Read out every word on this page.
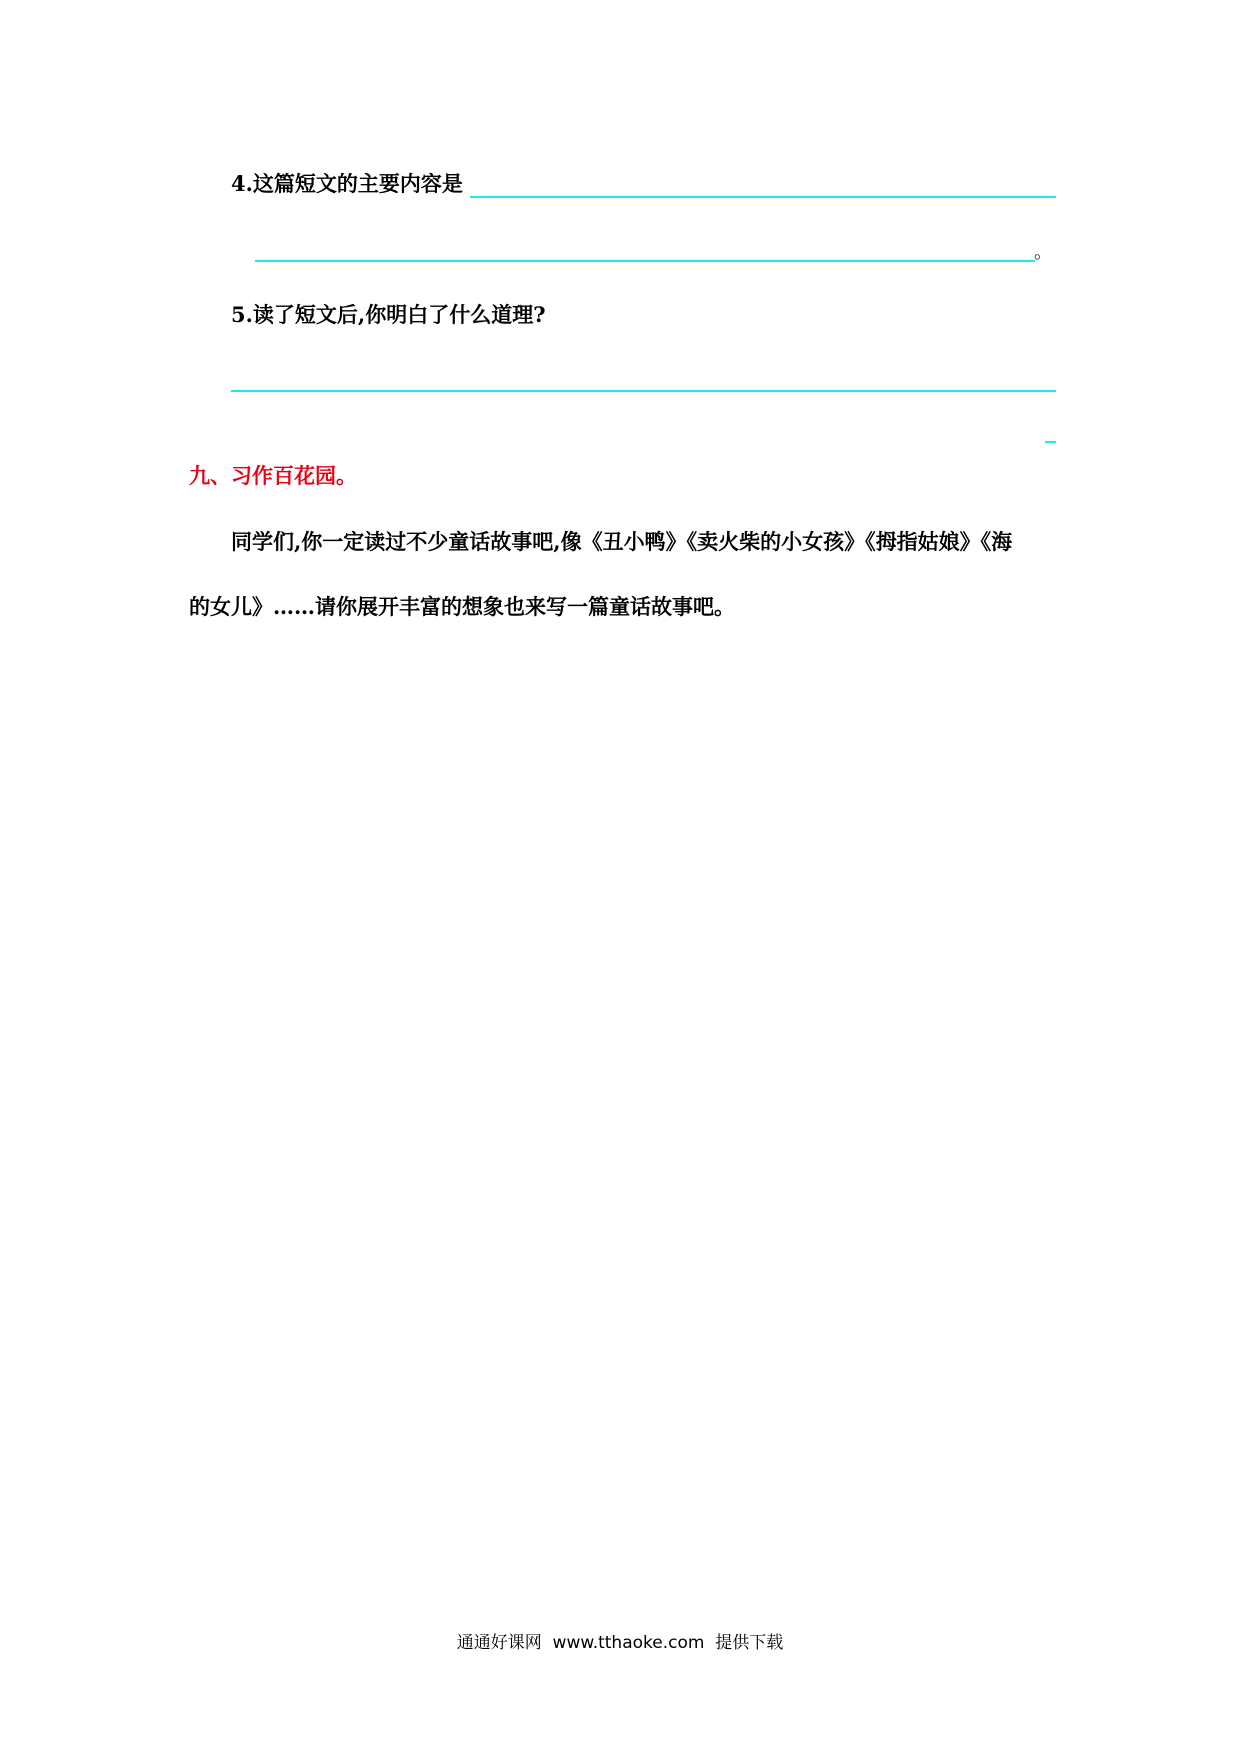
4.这篇短文的主要内容是
。
5.读了短文后,你明白了什么道理?
九、习作百花园。
同学们,你一定读过不少童话故事吧,像《丑小鸭》《卖火柴的小女孩》《拇指姑娘》《海
的女儿》……请你展开丰富的想象也来写一篇童话故事吧。
通通好课网  www.tthaoke.com  提供下载
